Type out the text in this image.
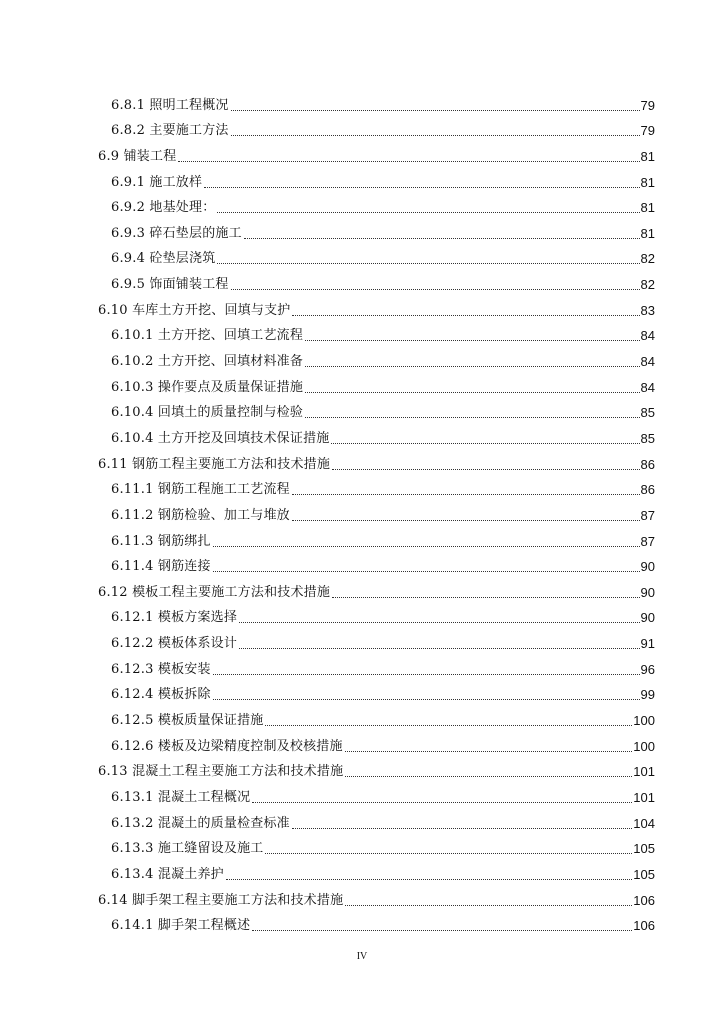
6.8.1 照明工程概况	79
6.8.2 主要施工方法	79
6.9 铺装工程	81
6.9.1 施工放样	81
6.9.2 地基处理：	81
6.9.3 碎石垫层的施工	81
6.9.4 砼垫层浇筑	82
6.9.5 饰面铺装工程	82
6.10 车库土方开挖、回填与支护	83
6.10.1 土方开挖、回填工艺流程	84
6.10.2 土方开挖、回填材料准备	84
6.10.3 操作要点及质量保证措施	84
6.10.4 回填土的质量控制与检验	85
6.10.4 土方开挖及回填技术保证措施	85
6.11 钢筋工程主要施工方法和技术措施	86
6.11.1 钢筋工程施工工艺流程	86
6.11.2 钢筋检验、加工与堆放	87
6.11.3 钢筋绑扎	87
6.11.4 钢筋连接	90
6.12 模板工程主要施工方法和技术措施	90
6.12.1 模板方案选择	90
6.12.2 模板体系设计	91
6.12.3 模板安装	96
6.12.4 模板拆除	99
6.12.5 模板质量保证措施	100
6.12.6 楼板及边梁精度控制及校核措施	100
6.13 混凝土工程主要施工方法和技术措施	101
6.13.1 混凝土工程概况	101
6.13.2 混凝土的质量检查标准	104
6.13.3 施工缝留设及施工	105
6.13.4 混凝土养护	105
6.14 脚手架工程主要施工方法和技术措施	106
6.14.1 脚手架工程概述	106
IV
